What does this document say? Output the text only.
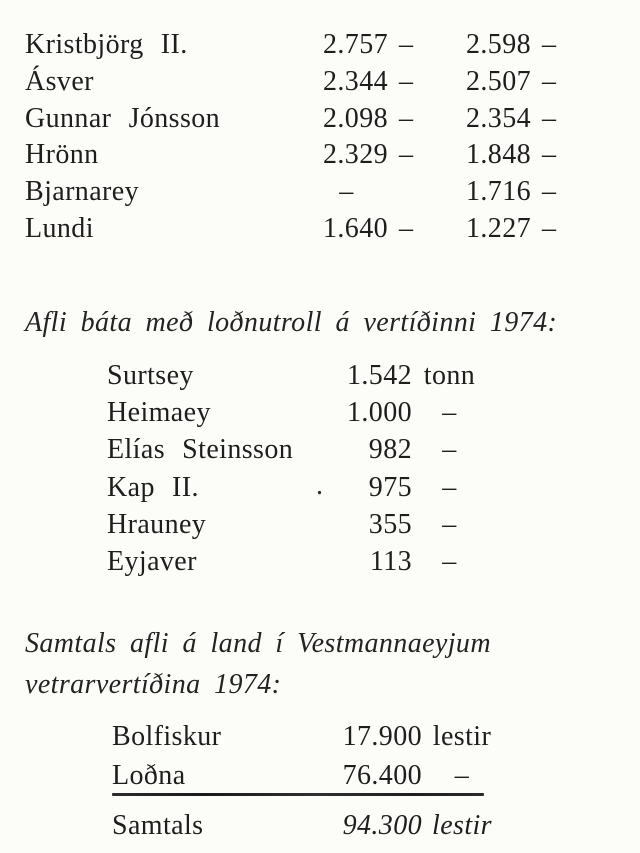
Kristbjörg II.	2.757 –	2.598 –
Ásver	2.344 –	2.507 –
Gunnar Jónsson	2.098 –	2.354 –
Hrönn	2.329 –	1.848 –
Bjarnarey	–	1.716 –
Lundi	1.640 –	1.227 –
Afli báta með loðnutroll á vertíðinni 1974:
Surtsey	1.542 tonn
Heimaey	1.000	–
Elías Steinsson	982	–
Kap II.	975	–
Hrauney	355	–
Eyjaver	113	–
.
Samtals afli á land í Vestmannaeyjum
vetrarvertíðina 1974:
Bolfiskur	17.900 lestir
Loðna	76.400	–
Samtals	94.300 lestir
